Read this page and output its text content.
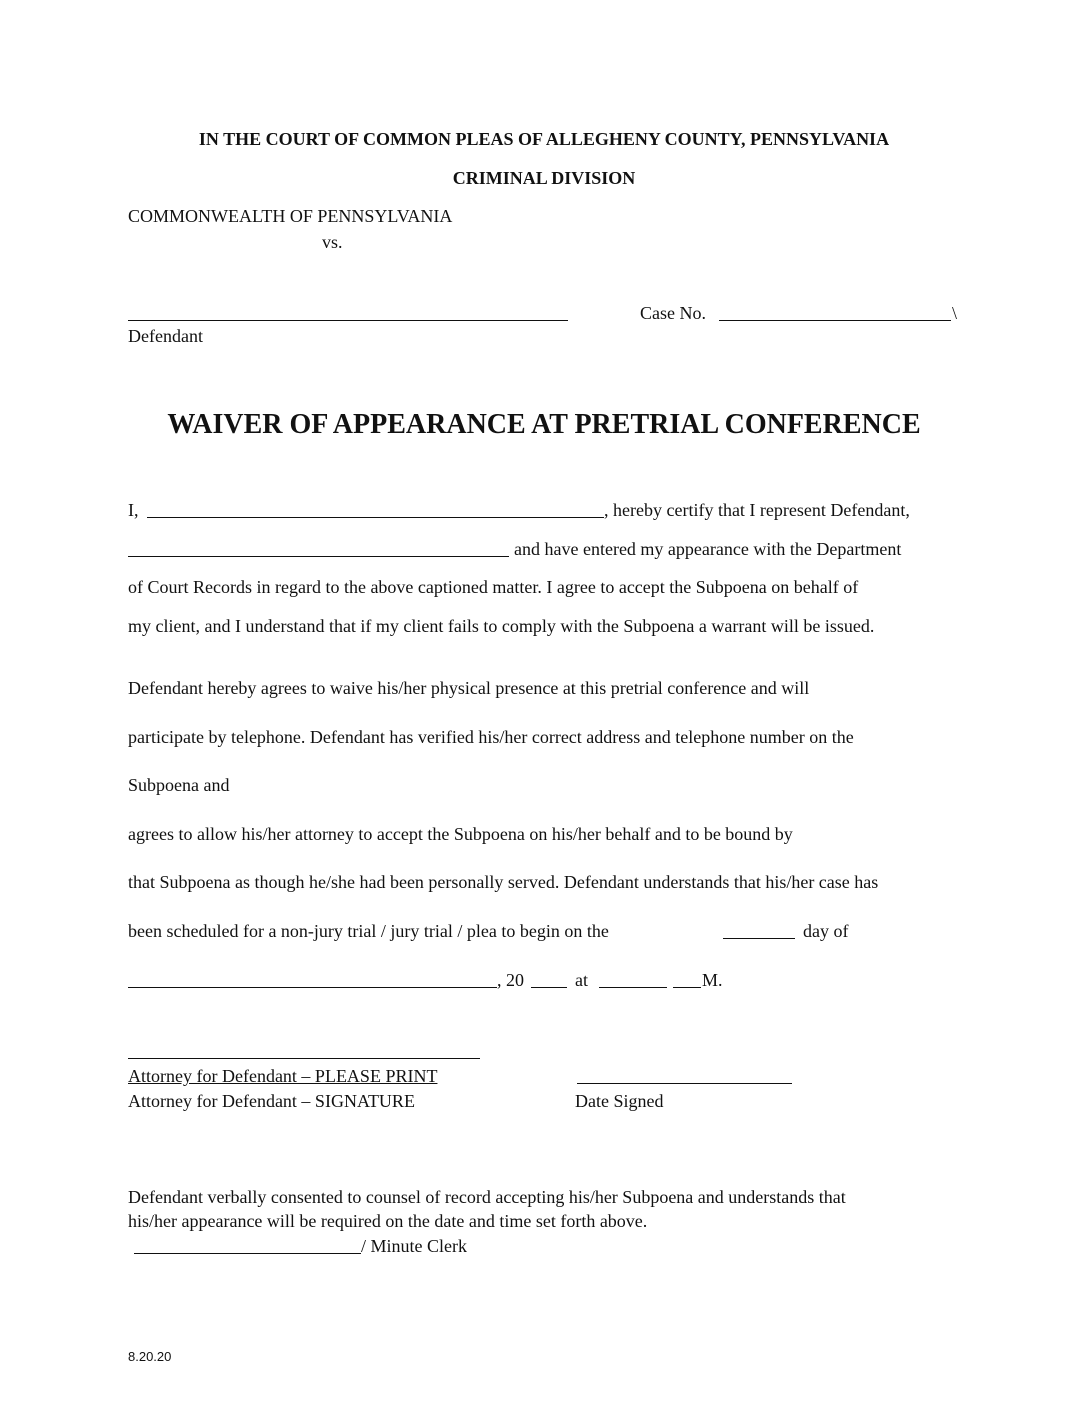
IN THE COURT OF COMMON PLEAS OF ALLEGHENY COUNTY, PENNSYLVANIA
CRIMINAL DIVISION
COMMONWEALTH OF PENNSYLVANIA
vs.
Defendant
Case No.	\
WAIVER OF APPEARANCE AT PRETRIAL CONFERENCE
I,	, hereby certify that I represent Defendant,
and have entered my appearance with the Department
of Court Records in regard to the above captioned matter. I agree to accept the Subpoena on behalf of
my client, and I understand that if my client fails to comply with the Subpoena a warrant will be issued.
Defendant hereby agrees to waive his/her physical presence at this pretrial conference and will
participate by telephone. Defendant has verified his/her correct address and telephone number on the
Subpoena and
agrees to allow his/her attorney to accept the Subpoena on his/her behalf and to be bound by
that Subpoena as though he/she had been personally served. Defendant understands that his/her case has
been scheduled for a non-jury trial / jury trial / plea to begin on the	day of
, 20	at	M.
Attorney for Defendant – PLEASE PRINT
Attorney for Defendant – SIGNATURE	Date Signed
Defendant verbally consented to counsel of record accepting his/her Subpoena and understands that
his/her appearance will be required on the date and time set forth above.
/ Minute Clerk
8.20.20
